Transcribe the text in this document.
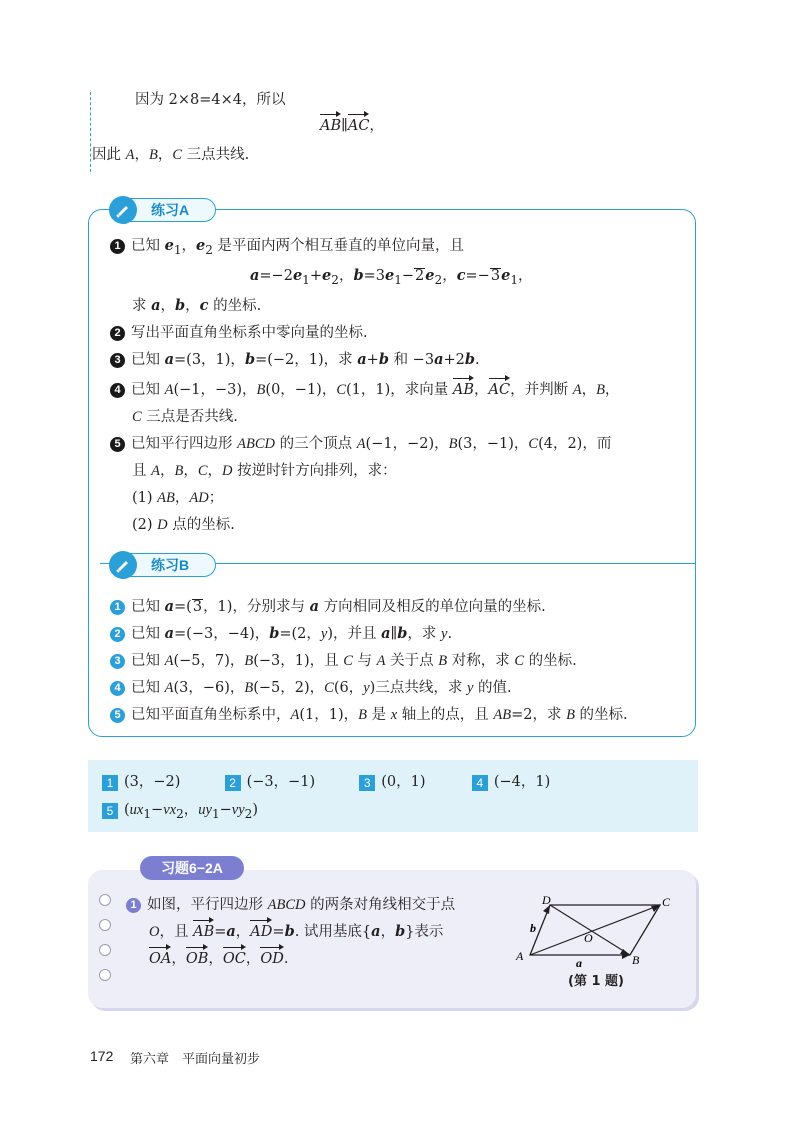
因为 2×8=4×4，所以
AB∥AC，
因此 A，B，C 三点共线.
练习A
1 已知 $e_1$，$e_2$ 是平面内两个相互垂直的单位向量，且
$a=-2e_1+e_2$，$b=3e_1-2e_2$，$c=-3e_1$，
求 a，b，c 的坐标.
2 写出平面直角坐标系中零向量的坐标.
3 已知 a=(3，1)，b=(−2，1)，求 a+b 和 −3a+2b.
4 已知 A(−1，−3)，B(0，−1)，C(1，1)，求向量 AB，AC，并判断 A，B，
C 三点是否共线.
5 已知平行四边形 ABCD 的三个顶点 A(−1，−2)，B(3，−1)，C(4，2)，而
且 A，B，C，D 按逆时针方向排列，求：
(1) AB，AD；
(2) D 点的坐标.
练习B
1 已知 a=(3，1)，分别求与 a 方向相同及相反的单位向量的坐标.
2 已知 a=(−3，−4)，b=(2，y)，并且 a∥b，求 y.
3 已知 A(−5，7)，B(−3，1)，且 C 与 A 关于点 B 对称，求 C 的坐标.
4 已知 A(3，−6)，B(−5，2)，C(6，y)三点共线，求 y 的值.
5 已知平面直角坐标系中，A(1，1)，B 是 x 轴上的点，且 AB=2，求 B 的坐标.
1 (3，−2)	2 (−3，−1)	3 (0，1)	4 (−4，1)
5 ($ux_1-vx_2$，$uy_1-vy_2$)
习题6−2A
1 如图，平行四边形 ABCD 的两条对角线相交于点
O，且 AB=a，AD=b. 试用基底{a，b}表示
OA，OB，OC，OD.	A	B
C
D
O
a
b
(第 1 题)
172 第六章　平面向量初步
